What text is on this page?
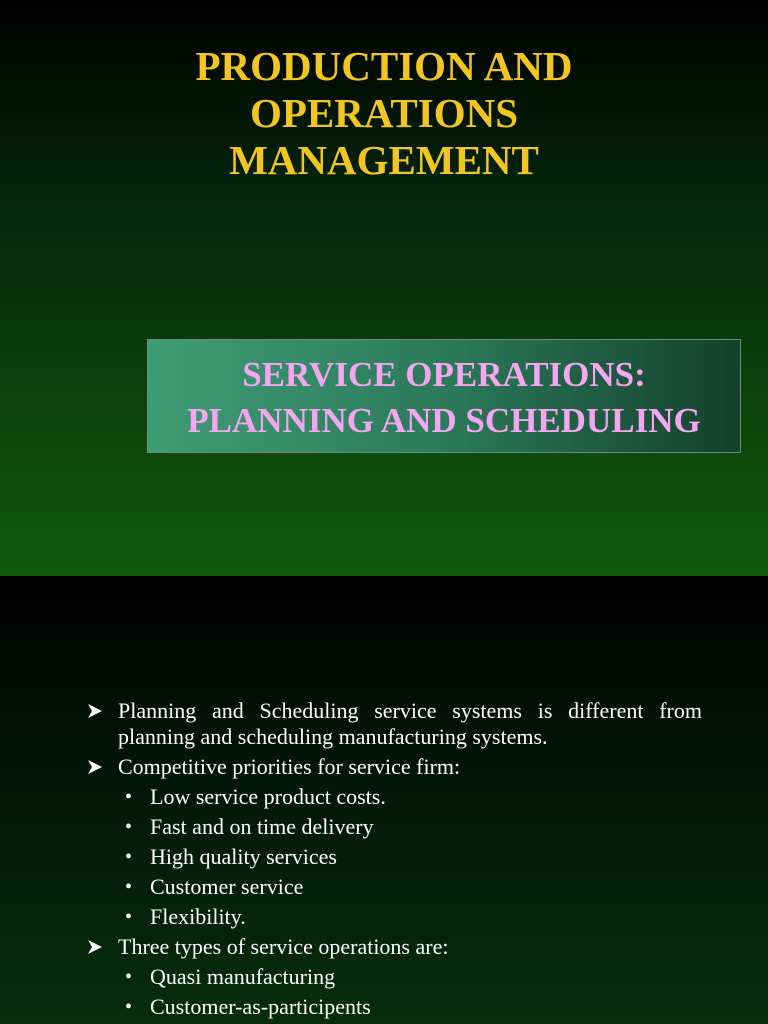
PRODUCTION AND
OPERATIONS
MANAGEMENT
SERVICE OPERATIONS:
PLANNING AND SCHEDULING
Planning and Scheduling service systems is different from planning and scheduling manufacturing systems.
Competitive priorities for service firm:
• Low service product costs.
• Fast and on time delivery
• High quality services
• Customer service
• Flexibility.
Three types of service operations are:
• Quasi manufacturing
• Customer-as-participents
